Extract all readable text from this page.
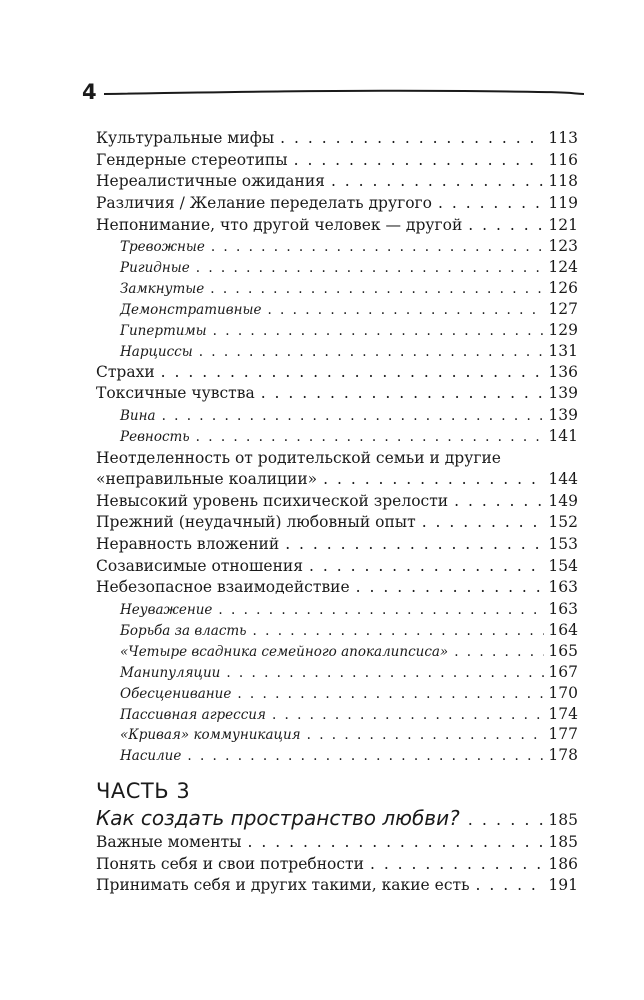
4
Культуральные мифы . . .	113
Гендерные стереотипы . . .	116
Нереалистичные ожидания . . .	118
Различия / Желание переделать другого . . .	119
Непонимание, что другой человек — другой . . .	121
Тревожные . . .	123
Ригидные . . .	124
Замкнутые . . .	126
Демонстративные . . .	127
Гипертимы . . .	129
Нарциссы . . .	131
Страхи . . .	136
Токсичные чувства . . .	139
Вина . . .	139
Ревность . . .	141
Неотделенность от родительской семьи и другие
«неправильные коалиции» . . .	144
Невысокий уровень психической зрелости . . .	149
Прежний (неудачный) любовный опыт . . .	152
Неравность вложений . . .	153
Созависимые отношения . . .	154
Небезопасное взаимодействие . . .	163
Неуважение . . .	163
Борьба за власть . . .	164
«Четыре всадника семейного апокалипсиса» . . .	165
Манипуляции . . .	167
Обесценивание . . .	170
Пассивная агрессия . . .	174
«Кривая» коммуникация . . .	177
Насилие . . .	178
ЧАСТЬ 3
Как создать пространство любви? . . .	185
Важные моменты . . .	185
Понять себя и свои потребности . . .	186
Принимать себя и других такими, какие есть . . .	191
